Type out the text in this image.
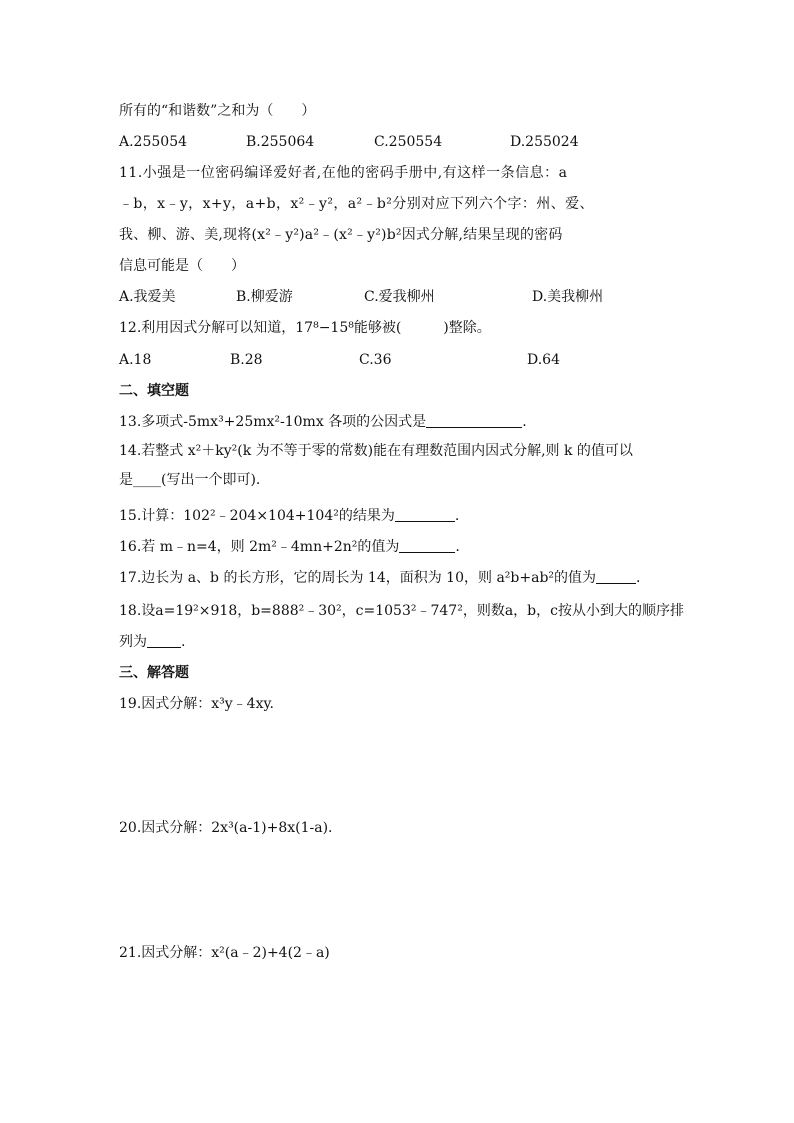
所有的“和谐数”之和为（　　）
A.255054	B.255064	C.250554	D.255024
11.小强是一位密码编译爱好者,在他的密码手册中,有这样一条信息：a
﹣b，x﹣y，x+y，a+b，x²﹣y²，a²﹣b²分别对应下列六个字：州、爱、
我、柳、游、美,现将(x²﹣y²)a²﹣(x²﹣y²)b²因式分解,结果呈现的密码
信息可能是（　　）
A.我爱美	B.柳爱游	C.爱我柳州	D.美我柳州
12.利用因式分解可以知道，17⁸−15⁸能够被(　　　)整除。
A.18	B.28	C.36	D.64
二、填空题
13.多项式-5mx³+25mx²-10mx 各项的公因式是	.
14.若整式 x²＋ky²(k 为不等于零的常数)能在有理数范围内因式分解,则 k 的值可以
是____(写出一个即可).
15.计算：102²﹣204×104+104²的结果为	.
16.若 m﹣n=4，则 2m²﹣4mn+2n²的值为	.
17.边长为 a、b 的长方形，它的周长为 14，面积为 10，则 a²b+ab²的值为	.
18.设a=19²×918，b=888²﹣30²，c=1053²﹣747²，则数a，b，c按从小到大的顺序排
列为 .
三、解答题
19.因式分解：x³y﹣4xy.
20.因式分解：2x³(a-1)+8x(1-a).
21.因式分解：x²(a﹣2)+4(2﹣a)
